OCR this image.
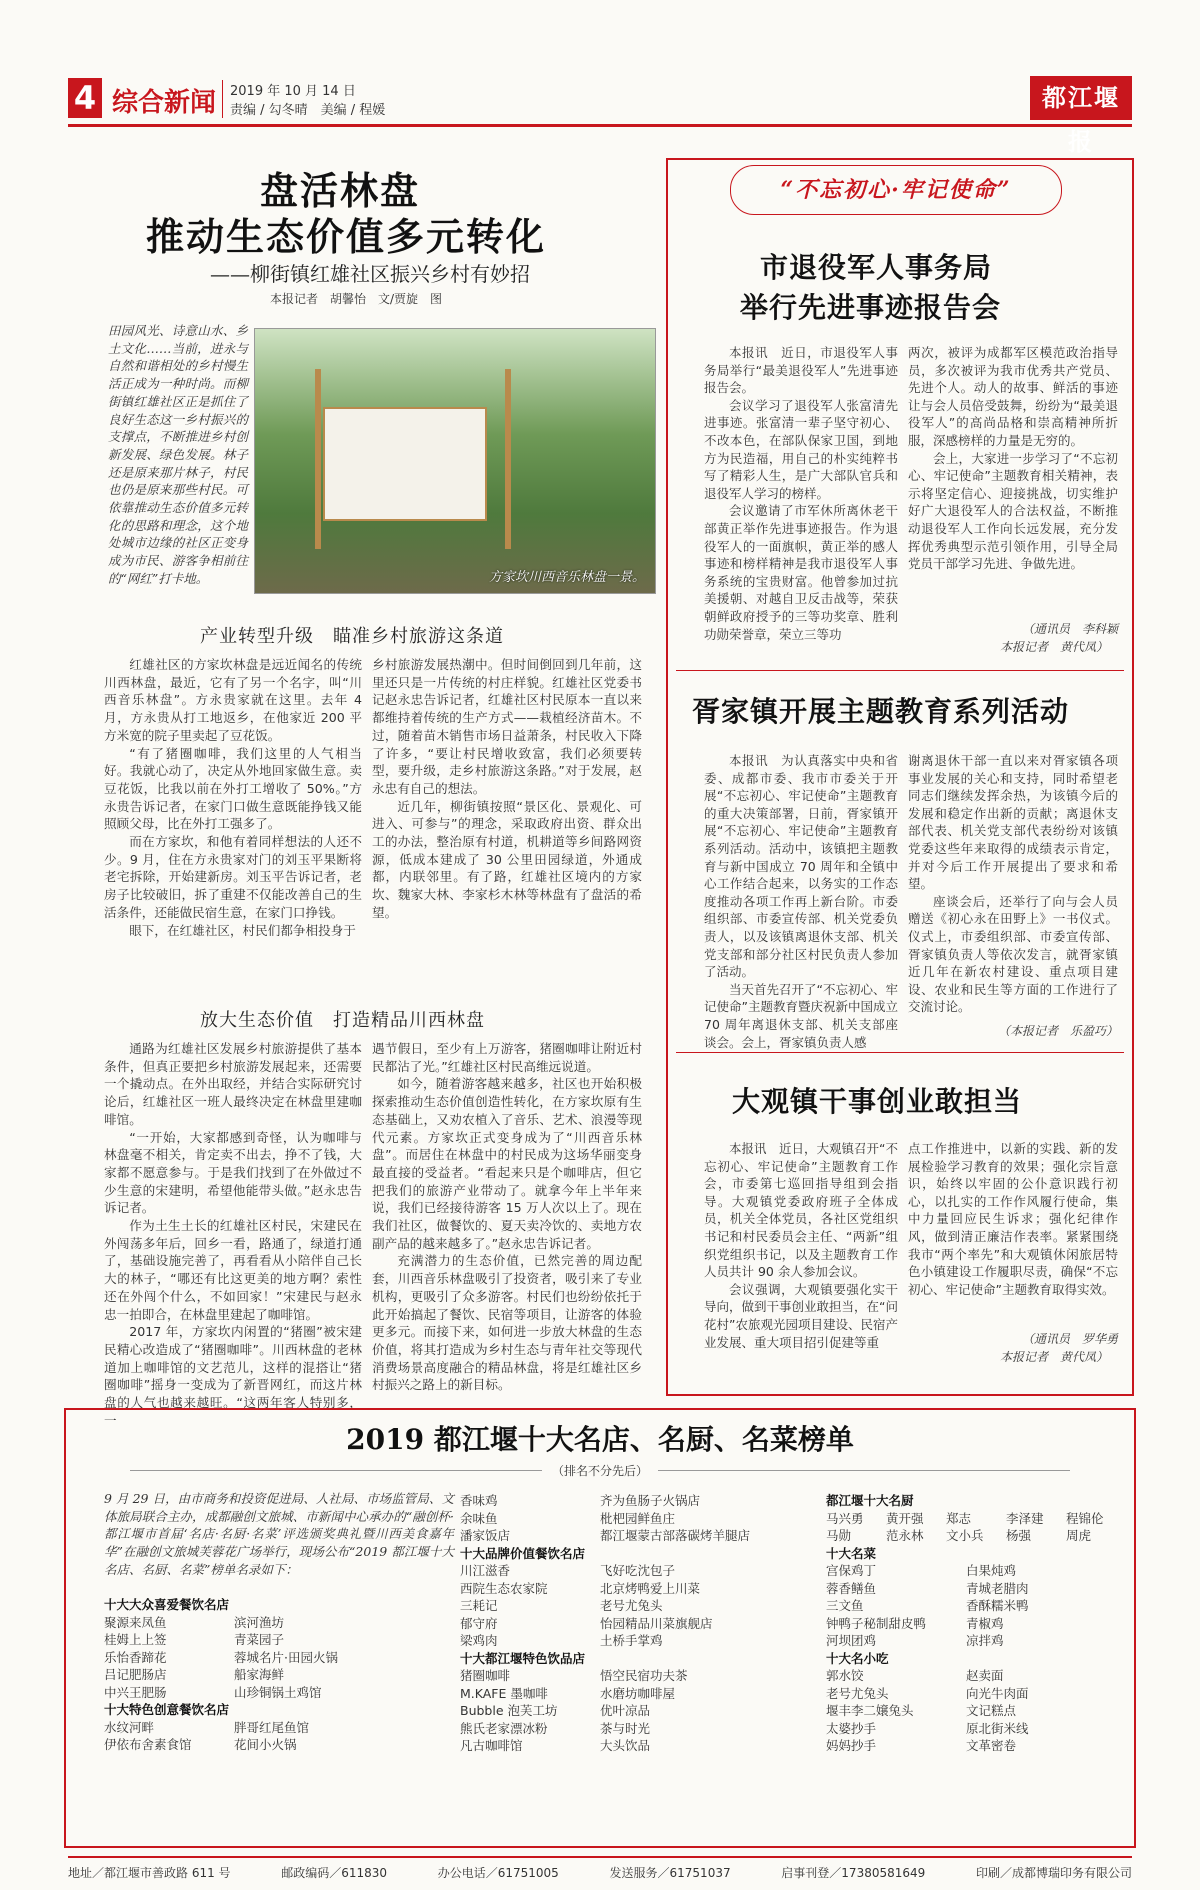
4 综合新闻 2019 年 10 月 14 日
责编 / 勾冬晴　美编 / 程媛	都江堰报
盘活林盘
推动生态价值多元转化
——柳街镇红雄社区振兴乡村有妙招
本报记者　胡馨怡　文/贾旋　图
田园风光、诗意山水、乡土文化……当前，进永与自然和谐相处的乡村慢生活正成为一种时尚。而柳街镇红雄社区正是抓住了良好生态这一乡村振兴的支撑点，不断推进乡村创新发展、绿色发展。林子还是原来那片林子，村民也仍是原来那些村民。可依靠推动生态价值多元转化的思路和理念，这个地处城市边缘的社区正变身成为市民、游客争相前往的“网红”打卡地。	方家坎川西音乐林盘一景。
产业转型升级　瞄准乡村旅游这条道

红雄社区的方家坎林盘是远近闻名的传统川西林盘，最近，它有了另一个名字，叫“川西音乐林盘”。方永贵家就在这里。去年 4 月，方永贵从打工地返乡，在他家近 200 平方米宽的院子里卖起了豆花饭。

“有了猪圈咖啡，我们这里的人气相当好。我就心动了，决定从外地回家做生意。卖豆花饭，比我以前在外打工增收了 50%。”方永贵告诉记者，在家门口做生意既能挣钱又能照顾父母，比在外打工强多了。

而在方家坎，和他有着同样想法的人还不少。9 月，住在方永贵家对门的刘玉平果断将老宅拆除，开始建新房。刘玉平告诉记者，老房子比较破旧，拆了重建不仅能改善自己的生活条件，还能做民宿生意，在家门口挣钱。

眼下，在红雄社区，村民们都争相投身于

乡村旅游发展热潮中。但时间倒回到几年前，这里还只是一片传统的村庄样貌。红雄社区党委书记赵永忠告诉记者，红雄社区村民原本一直以来都维持着传统的生产方式——栽植经济苗木。不过，随着苗木销售市场日益萧条，村民收入下降了许多，“要让村民增收致富，我们必须要转型，要升级，走乡村旅游这条路。”对于发展，赵永忠有自己的想法。

近几年，柳街镇按照“景区化、景观化、可进入、可参与”的理念，采取政府出资、群众出工的办法，整治原有村道，机耕道等乡间路网资源，低成本建成了 30 公里田园绿道，外通成都，内联邻里。有了路，红雄社区境内的方家坎、魏家大林、李家杉木林等林盘有了盘活的希望。

放大生态价值　打造精品川西林盘

通路为红雄社区发展乡村旅游提供了基本条件，但真正要把乡村旅游发展起来，还需要一个撬动点。在外出取经，并结合实际研究讨论后，红雄社区一班人最终决定在林盘里建咖啡馆。

“一开始，大家都感到奇怪，认为咖啡与林盘毫不相关，肯定卖不出去，挣不了钱，大家都不愿意参与。于是我们找到了在外做过不少生意的宋建明，希望他能带头做。”赵永忠告诉记者。

作为土生土长的红雄社区村民，宋建民在外闯荡多年后，回乡一看，路通了，绿道打通了，基础设施完善了，再看看从小陪伴自己长大的林子，“哪还有比这更美的地方啊？索性还在外闯个什么，不如回家！”宋建民与赵永忠一拍即合，在林盘里建起了咖啡馆。

2017 年，方家坎内闲置的“猪圈”被宋建民精心改造成了“猪圈咖啡”。川西林盘的老林道加上咖啡馆的文艺范儿，这样的混搭让“猪圈咖啡”摇身一变成为了新晋网红，而这片林盘的人气也越来越旺。“这两年客人特别多，一

遇节假日，至少有上万游客，猪圈咖啡让附近村民都沾了光。”红雄社区村民高维远说道。

如今，随着游客越来越多，社区也开始积极探索推动生态价值创造性转化，在方家坎原有生态基础上，又劝农植入了音乐、艺术、浪漫等现代元素。方家坎正式变身成为了“川西音乐林盘”。而居住在林盘中的村民成为这场华丽变身最直接的受益者。“看起来只是个咖啡店，但它把我们的旅游产业带动了。就拿今年上半年来说，我们已经接待游客 15 万人次以上了。现在我们社区，做餐饮的、夏天卖冷饮的、卖地方农副产品的越来越多了。”赵永忠告诉记者。

充满潜力的生态价值，已然完善的周边配套，川西音乐林盘吸引了投资者，吸引来了专业机构，更吸引了众多游客。村民们也纷纷依托于此开始搞起了餐饮、民宿等项目，让游客的体验更多元。而接下来，如何进一步放大林盘的生态价值，将其打造成为乡村生态与青年社交等现代消费场景高度融合的精品林盘，将是红雄社区乡村振兴之路上的新目标。

“不忘初心·牢记使命”
市退役军人事务局
举行先进事迹报告会

本报讯　近日，市退役军人事务局举行“最美退役军人”先进事迹报告会。

会议学习了退役军人张富清先进事迹。张富清一辈子坚守初心、不改本色，在部队保家卫国，到地方为民造福，用自己的朴实纯粹书写了精彩人生，是广大部队官兵和退役军人学习的榜样。

会议邀请了市军休所离休老干部黄正举作先进事迹报告。作为退役军人的一面旗帜，黄正举的感人事迹和榜样精神是我市退役军人事务系统的宝贵财富。他曾参加过抗美援朝、对越自卫反击战等，荣获朝鲜政府授予的三等功奖章、胜利功勋荣誉章，荣立三等功

两次，被评为成都军区模范政治指导员，多次被评为我市优秀共产党员、先进个人。动人的故事、鲜活的事迹让与会人员倍受鼓舞，纷纷为“最美退役军人”的高尚品格和崇高精神所折服，深感榜样的力量是无穷的。

会上，大家进一步学习了“不忘初心、牢记使命”主题教育相关精神，表示将坚定信心、迎接挑战，切实维护好广大退役军人的合法权益，不断推动退役军人工作向长远发展，充分发挥优秀典型示范引领作用，引导全局党员干部学习先进、争做先进。

（通讯员　李科颖
本报记者　黄代凤）
胥家镇开展主题教育系列活动

本报讯　为认真落实中央和省委、成都市委、我市市委关于开展“不忘初心、牢记使命”主题教育的重大决策部署，日前，胥家镇开展“不忘初心、牢记使命”主题教育系列活动。活动中，该镇把主题教育与新中国成立 70 周年和全镇中心工作结合起来，以务实的工作态度推动各项工作再上新台阶。市委组织部、市委宣传部、机关党委负责人，以及该镇离退休支部、机关党支部和部分社区村民负责人参加了活动。

当天首先召开了“不忘初心、牢记使命”主题教育暨庆祝新中国成立 70 周年离退休支部、机关支部座谈会。会上，胥家镇负责人感

谢离退休干部一直以来对胥家镇各项事业发展的关心和支持，同时希望老同志们继续发挥余热，为该镇今后的发展和稳定作出新的贡献；离退休支部代表、机关党支部代表纷纷对该镇党委这些年来取得的成绩表示肯定，并对今后工作开展提出了要求和希望。

座谈会后，还举行了向与会人员赠送《初心永在田野上》一书仪式。仪式上，市委组织部、市委宣传部、胥家镇负责人等依次发言，就胥家镇近几年在新农村建设、重点项目建设、农业和民生等方面的工作进行了交流讨论。

（本报记者　乐盈巧）
大观镇干事创业敢担当

本报讯　近日，大观镇召开“不忘初心、牢记使命”主题教育工作会，市委第七巡回指导组到会指导。大观镇党委政府班子全体成员，机关全体党员，各社区党组织书记和村民委员会主任、“两新”组织党组织书记，以及主题教育工作人员共计 90 余人参加会议。

会议强调，大观镇要强化实干导向，做到干事创业敢担当，在“问花村”农旅观光园项目建设、民宿产业发展、重大项目招引促建等重

点工作推进中，以新的实践、新的发展检验学习教育的效果；强化宗旨意识，始终以牢固的公仆意识践行初心，以扎实的工作作风履行使命，集中力量回应民生诉求；强化纪律作风，做到清正廉洁作表率。紧紧围绕我市“两个率先”和大观镇休闲旅居特色小镇建设工作履职尽责，确保“不忘初心、牢记使命”主题教育取得实效。

（通讯员　罗华勇
本报记者　黄代凤）
2019 都江堰十大名店、名厨、名菜榜单
（排名不分先后）
9 月 29 日，由市商务和投资促进局、人社局、市场监管局、文体旅局联合主办，成都融创文旅城、市新闻中心承办的“融创杯·都江堰市首届‘名店·名厨·名菜’评选颁奖典礼暨川西美食嘉年华”在融创文旅城芙蓉花广场举行，现场公布“2019 都江堰十大名店、名厨、名菜”榜单名录如下：
十大大众喜爱餐饮名店
聚源来凤鱼	滨河渔坊
桂姆上上签	青菜园子
乐怡香蹄花	蓉城名片·田园火锅
吕记肥肠店	船家海鲜
中兴王肥肠	山珍铜锅土鸡馆
十大特色创意餐饮名店
水纹河畔	胖哥红尾鱼馆
伊依布舍素食馆	花间小火锅
香味鸡	齐为鱼肠子火锅店
余味鱼	枇杷园鲜鱼庄
潘家饭店	都江堰蒙古部落碳烤羊腿店
十大品牌价值餐饮名店
川江滋香	飞好吃沈包子
西院生态农家院	北京烤鸭爱上川菜
三耗记	老号尤兔头
郁守府	怡园精品川菜旗舰店
梁鸡肉	土桥手掌鸡
十大都江堰特色饮品店
猪圈咖啡	悟空民宿功夫茶
M.KAFE 墨咖啡	水磨坊咖啡屋
Bubble 泡芙工坊	优叶凉品
熊氏老家漂冰粉	茶与时光
凡古咖啡馆	大头饮品
都江堰十大名厨
马兴勇 黄开强 郑志	李泽建 程锦伦
马勋	范永林 文小兵 杨强	周虎
十大名菜
宫保鸡丁	白果炖鸡
蓉香鳝鱼	青城老腊肉
三文鱼	香酥糯米鸭
钟鸭子秘制甜皮鸭	青椒鸡
河坝团鸡	凉拌鸡
十大名小吃
郭水饺	赵卖面
老号尤兔头	向光牛肉面
堰丰李二嬢兔头	文记糕点
太婆抄手	原北街米线
妈妈抄手	文革密卷
地址／都江堰市善政路 611 号	邮政编码／611830	办公电话／61751005	发送服务／61751037	启事刊登／17380581649	印刷／成都博瑞印务有限公司
